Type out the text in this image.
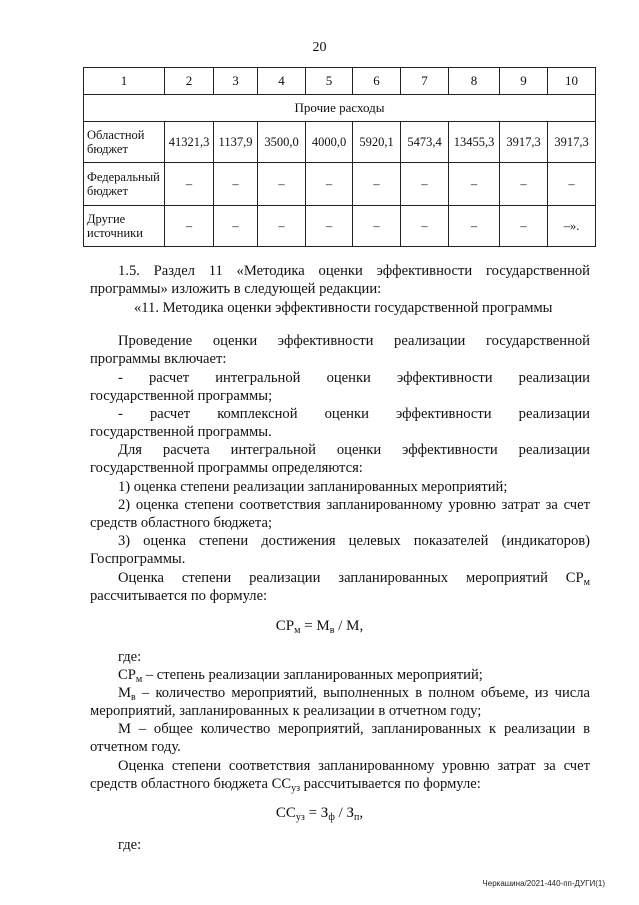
20
1	2	3	4	5	6	7	8	9	10
Прочие расходы									
Областной бюджет	41321,3	1137,9	3500,0	4000,0	5920,1	5473,4	13455,3	3917,3	3917,3
Федеральный бюджет	–	–	–	–	–	–	–	–	–
Другие источники	–	–	–	–	–	–	–	–	–».
1.5. Раздел 11 «Методика оценки эффективности государственной
программы» изложить в следующей редакции:
«11. Методика оценки эффективности государственной программы
Проведение оценки эффективности реализации государственной
программы включает:
- расчет интегральной оценки эффективности реализации
государственной программы;
- расчет комплексной оценки эффективности реализации
государственной программы.
Для расчета интегральной оценки эффективности реализации
государственной программы определяются:
1) оценка степени реализации запланированных мероприятий;
2) оценка степени соответствия запланированному уровню затрат за счет
средств областного бюджета;
3) оценка степени достижения целевых показателей (индикаторов)
Госпрограммы.
Оценка степени реализации запланированных мероприятий $СР_м$
рассчитывается по формуле:
$СР_м = М_в / М$,
где:
$СР_м$ – степень реализации запланированных мероприятий;
$М_в$ – количество мероприятий, выполненных в полном объеме, из числа
мероприятий, запланированных к реализации в отчетном году;
М – общее количество мероприятий, запланированных к реализации в
отчетном году.
Оценка степени соответствия запланированному уровню затрат за счет
средств областного бюджета $СС_{уз}$ рассчитывается по формуле:
$СС_{уз} = З_ф / З_п$,
где:
Черкашина/2021-440-пп-ДУГИ(1)
